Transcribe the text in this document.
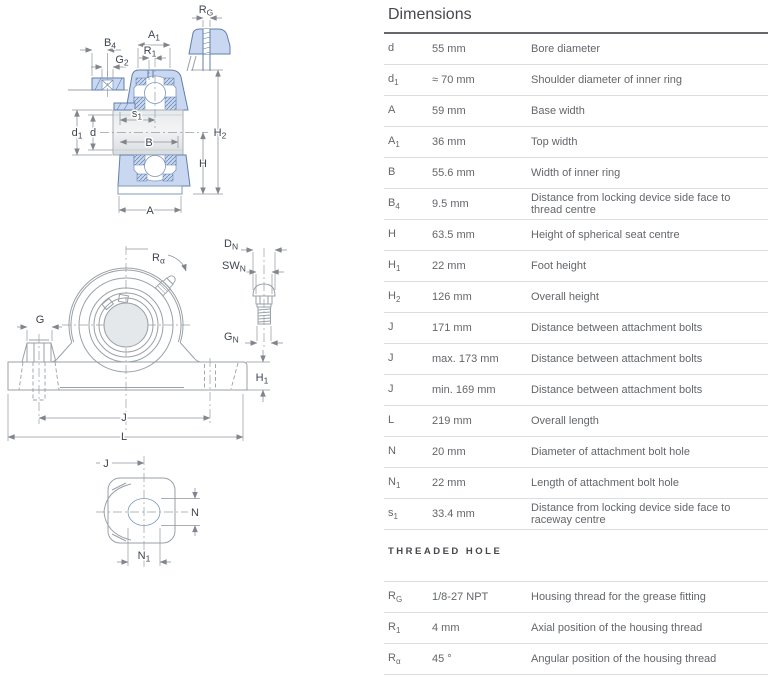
$B_4$
$G_2$
$R_G$
$A_1$
$R_1$
$s_1$
B
$d_1$ d	$H_2$
H
A
$R_\alpha$
G
$H_1$
J
L
$D_N$
$SW_N$
$G_N$
J
N
$N_1$
Dimensions
d	55 mm	Bore diameter
$d_1$	≈ 70 mm	Shoulder diameter of inner ring
A	59 mm	Base width
$A_1$	36 mm	Top width
B	55.6 mm	Width of inner ring
$B_4$	9.5 mm	Distance from locking device side face to thread centre
H	63.5 mm	Height of spherical seat centre
$H_1$	22 mm	Foot height
$H_2$	126 mm	Overall height
J	171 mm	Distance between attachment bolts
J	max. 173 mm	Distance between attachment bolts
J	min. 169 mm	Distance between attachment bolts
L	219 mm	Overall length
N	20 mm	Diameter of attachment bolt hole
$N_1$	22 mm	Length of attachment bolt hole
$s_1$	33.4 mm	Distance from locking device side face to raceway centre
THREADED HOLE
$R_G$	1/8-27 NPT	Housing thread for the grease fitting
$R_1$	4 mm	Axial position of the housing thread
$R_\alpha$	45 °	Angular position of the housing thread
